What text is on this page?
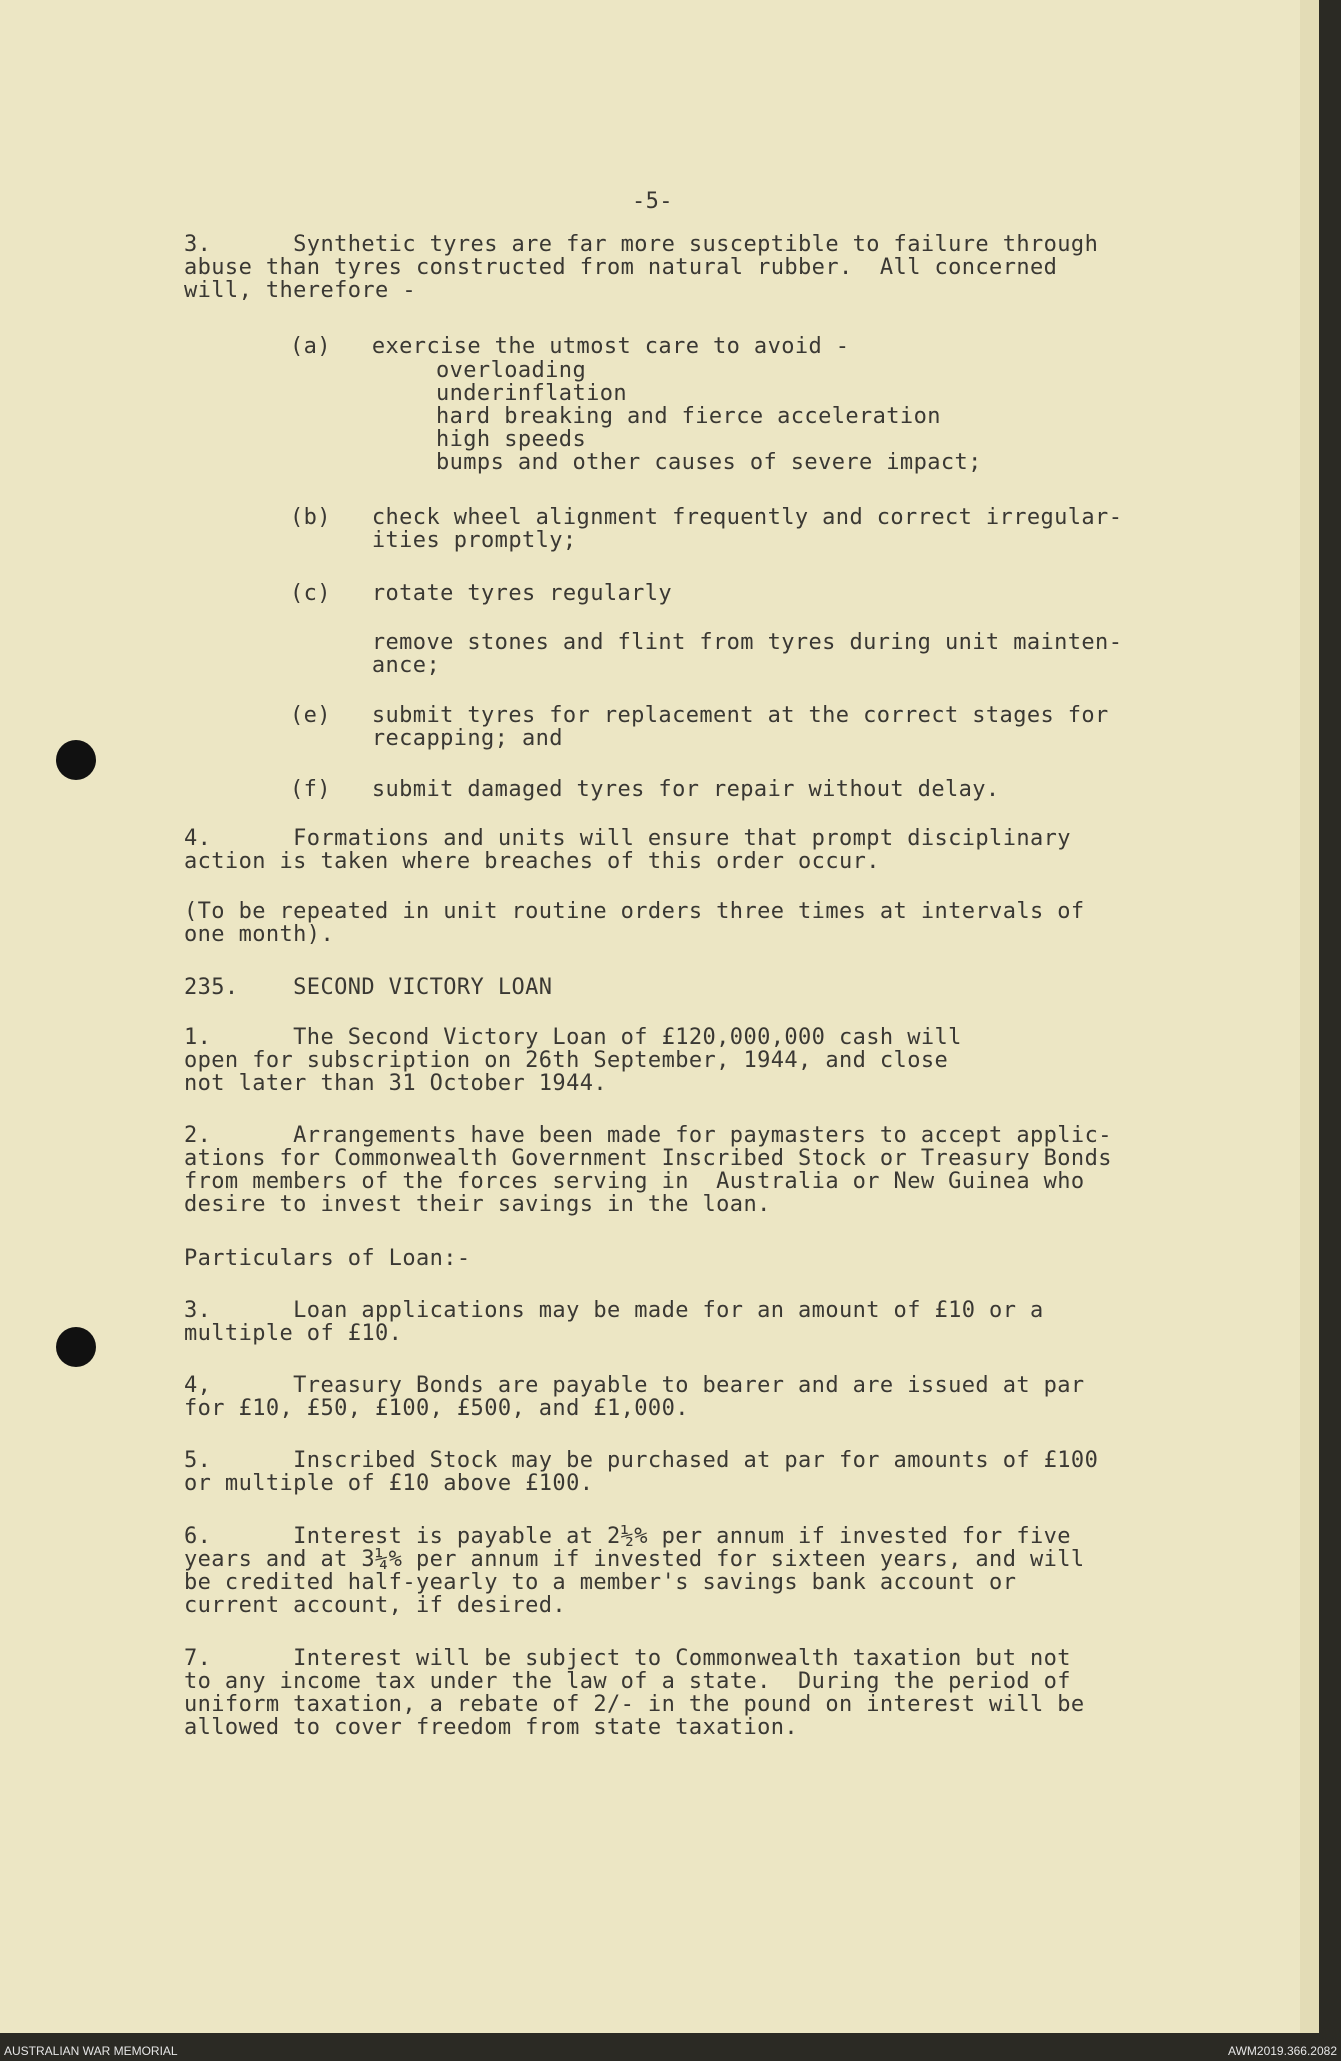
-5-
3.      Synthetic tyres are far more susceptible to failure through
abuse than tyres constructed from natural rubber.  All concerned
will, therefore -
(a)   exercise the utmost care to avoid -
overloading
underinflation
hard breaking and fierce acceleration
high speeds
bumps and other causes of severe impact;
(b)   check wheel alignment frequently and correct irregular-
ities promptly;
(c)   rotate tyres regularly
remove stones and flint from tyres during unit mainten-
ance;
(e)   submit tyres for replacement at the correct stages for
recapping; and
(f)   submit damaged tyres for repair without delay.
4.      Formations and units will ensure that prompt disciplinary
action is taken where breaches of this order occur.
(To be repeated in unit routine orders three times at intervals of
one month).
235.    SECOND VICTORY LOAN
1.      The Second Victory Loan of £120,000,000 cash will
open for subscription on 26th September, 1944, and close
not later than 31 October 1944.
2.      Arrangements have been made for paymasters to accept applic-
ations for Commonwealth Government Inscribed Stock or Treasury Bonds
from members of the forces serving in  Australia or New Guinea who
desire to invest their savings in the loan.
Particulars of Loan:-
3.      Loan applications may be made for an amount of £10 or a
multiple of £10.
4,      Treasury Bonds are payable to bearer and are issued at par
for £10, £50, £100, £500, and £1,000.
5.      Inscribed Stock may be purchased at par for amounts of £100
or multiple of £10 above £100.
6.      Interest is payable at 2½% per annum if invested for five
years and at 3¼% per annum if invested for sixteen years, and will
be credited half-yearly to a member's savings bank account or
current account, if desired.
7.      Interest will be subject to Commonwealth taxation but not
to any income tax under the law of a state.  During the period of
uniform taxation, a rebate of 2/- in the pound on interest will be
allowed to cover freedom from state taxation.
AUSTRALIAN WAR MEMORIAL	AWM2019.366.2082
